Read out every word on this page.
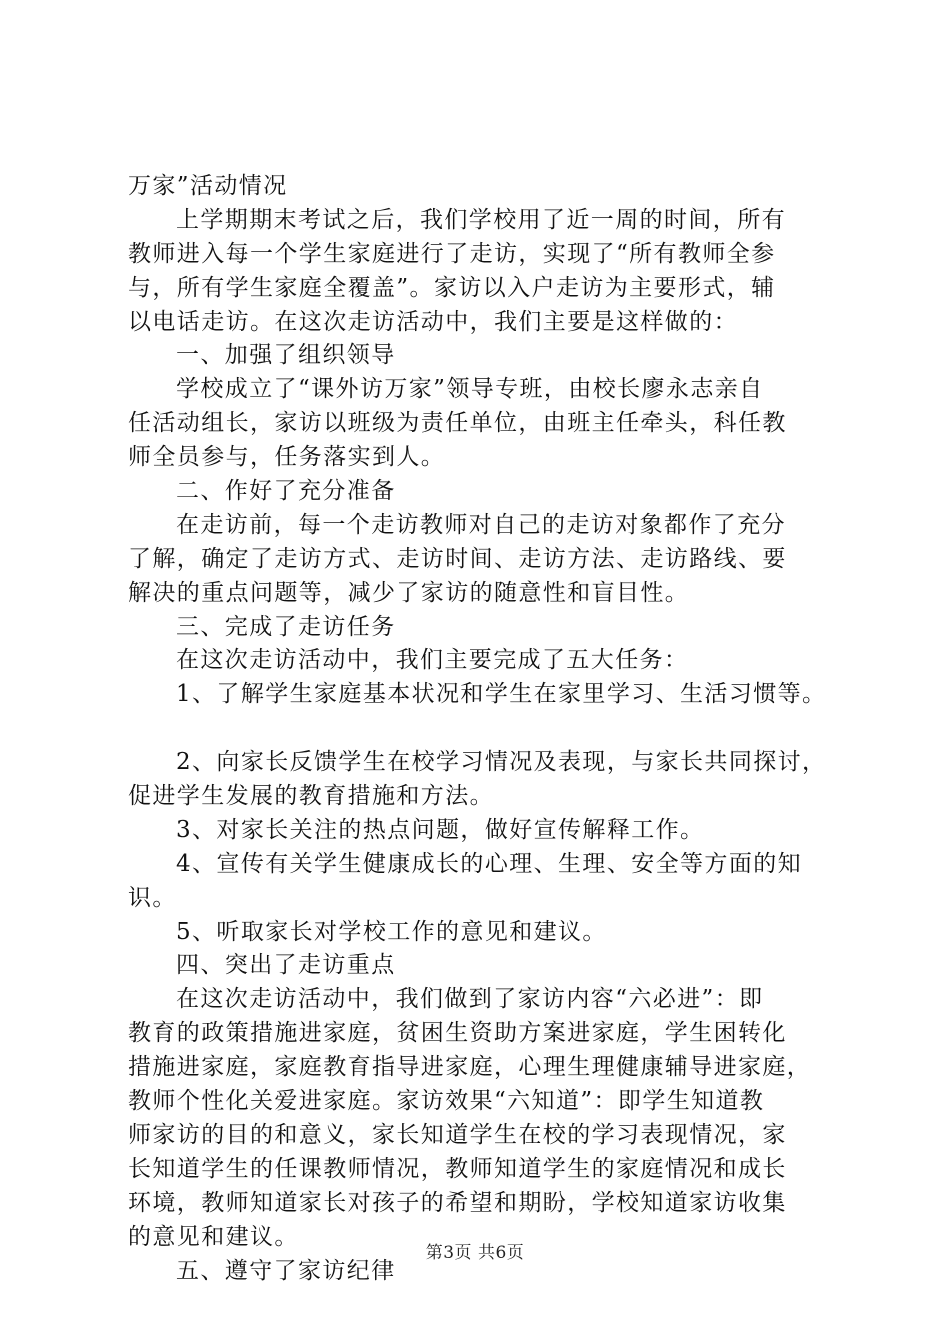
万家”活动情况
上学期期末考试之后，我们学校用了近一周的时间，所有
教师进入每一个学生家庭进行了走访，实现了“所有教师全参
与，所有学生家庭全覆盖”。家访以入户走访为主要形式，辅
以电话走访。在这次走访活动中，我们主要是这样做的：
一、加强了组织领导
学校成立了“课外访万家”领导专班，由校长廖永志亲自
任活动组长，家访以班级为责任单位，由班主任牵头，科任教
师全员参与，任务落实到人。
二、作好了充分准备
在走访前，每一个走访教师对自己的走访对象都作了充分
了解，确定了走访方式、走访时间、走访方法、走访路线、要
解决的重点问题等，减少了家访的随意性和盲目性。
三、完成了走访任务
在这次走访活动中，我们主要完成了五大任务：
1、了解学生家庭基本状况和学生在家里学习、生活习惯等。
2、向家长反馈学生在校学习情况及表现，与家长共同探讨，
促进学生发展的教育措施和方法。
3、对家长关注的热点问题，做好宣传解释工作。
4、宣传有关学生健康成长的心理、生理、安全等方面的知
识。
5、听取家长对学校工作的意见和建议。
四、突出了走访重点
在这次走访活动中，我们做到了家访内容“六必进”：即
教育的政策措施进家庭，贫困生资助方案进家庭，学生困转化
措施进家庭，家庭教育指导进家庭，心理生理健康辅导进家庭，
教师个性化关爱进家庭。家访效果“六知道”：即学生知道教
师家访的目的和意义，家长知道学生在校的学习表现情况，家
长知道学生的任课教师情况，教师知道学生的家庭情况和成长
环境，教师知道家长对孩子的希望和期盼，学校知道家访收集
的意见和建议。
五、遵守了家访纪律
第3页 共6页
